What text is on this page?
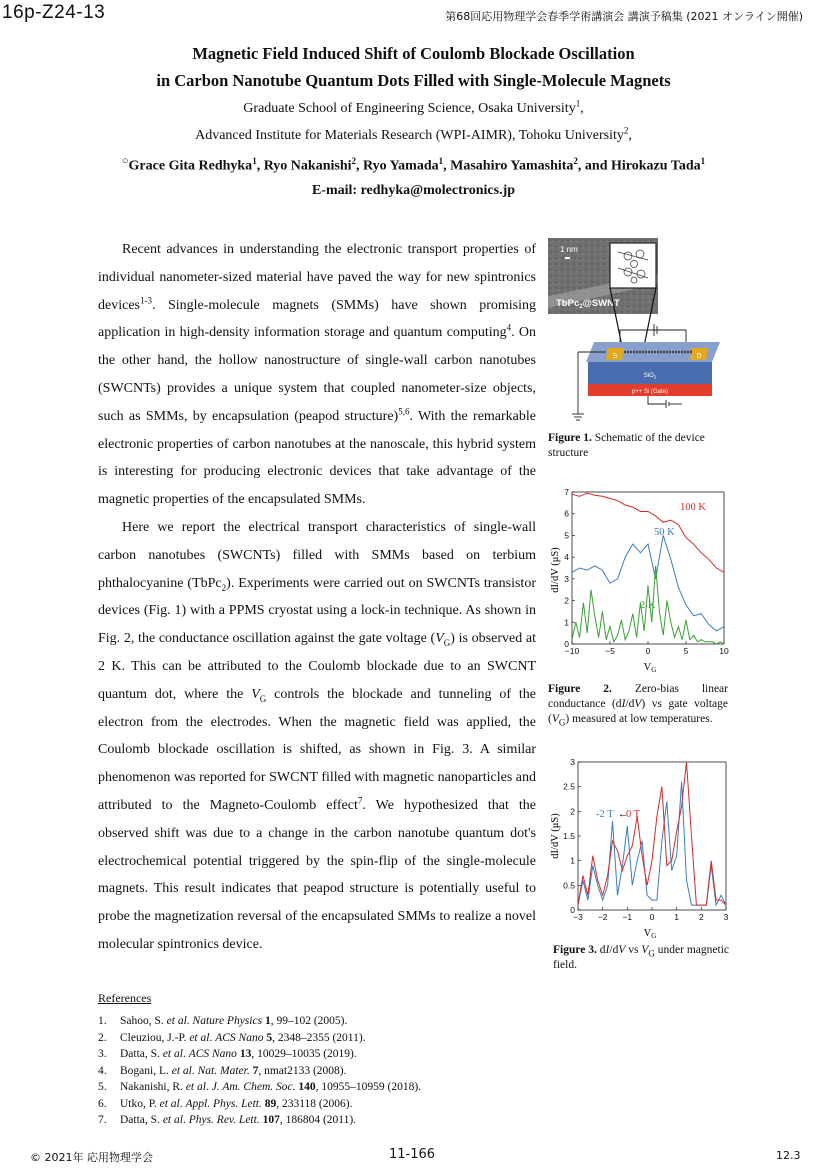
16p-Z24-13	第68回応用物理学会春季学術講演会 講演予稿集 (2021 オンライン開催)
Magnetic Field Induced Shift of Coulomb Blockade Oscillation
in Carbon Nanotube Quantum Dots Filled with Single-Molecule Magnets
Graduate School of Engineering Science, Osaka University$^1$,
Advanced Institute for Materials Research (WPI-AIMR), Tohoku University$^2$,
○Grace Gita Redhyka$^1$, Ryo Nakanishi$^2$, Ryo Yamada$^1$, Masahiro Yamashita$^2$, and Hirokazu Tada$^1$
E-mail: redhyka@molectronics.jp

Recent advances in understanding the electronic transport properties of individual nanometer-sized material have paved the way for new spintronics devices$^{1-3}$. Single-molecule magnets (SMMs) have shown promising application in high-density information storage and quantum computing$^4$. On the other hand, the hollow nanostructure of single-wall carbon nanotubes (SWCNTs) provides a unique system that coupled nanometer-size objects, such as SMMs, by encapsulation (peapod structure)$^{5,6}$. With the remarkable electronic properties of carbon nanotubes at the nanoscale, this hybrid system is interesting for producing electronic devices that take advantage of the magnetic properties of the encapsulated SMMs.

Here we report the electrical transport characteristics of single-wall carbon nanotubes (SWCNTs) filled with SMMs based on terbium phthalocyanine (TbPc$_2$). Experiments were carried out on SWCNTs transistor devices (Fig. 1) with a PPMS cryostat using a lock-in technique. As shown in Fig. 2, the conductance oscillation against the gate voltage $(V_G)$ is observed at 2 K. This can be attributed to the Coulomb blockade due to an SWCNT quantum dot, where the $V_G$ controls the blockade and tunneling of the electron from the electrodes. When the magnetic field was applied, the Coulomb blockade oscillation is shifted, as shown in Fig. 3. A similar phenomenon was reported for SWCNT filled with magnetic nanoparticles and attributed to the Magneto-Coulomb effect$^7$. We hypothesized that the observed shift was due to a change in the carbon nanotube quantum dot's electrochemical potential triggered by the spin-flip of the single-molecule magnets. This result indicates that peapod structure is potentially useful to probe the magnetization reversal of the encapsulated SMMs to realize a novel molecular spintronics device.

1 nm
TbPc$_2$@SWNT
SiO$_2$
p++ Si (Gate)
S	D
Figure 1. Schematic of the device structure
dI/dV (μS)
VG
−10	−5	0	5	10
0
1
2
3
4
5
6
7
100 K
50 K
2 K
Figure 2. Zero-bias linear conductance (dI/dV) vs gate voltage $(V_G)$ measured at low temperatures.
dI/dV (μS)
VG
−3 −2 −1 0 1 2 3
0
0.5
1
1.5
2
2.5
3
-2 T 0 T
←
Figure 3. dI/dV vs $V_G$ under magnetic field.
References
1. Sahoo, S. et al. Nature Physics 1, 99–102 (2005).
2. Cleuziou, J.-P. et al. ACS Nano 5, 2348–2355 (2011).
3. Datta, S. et al. ACS Nano 13, 10029–10035 (2019).
4. Bogani, L. et al. Nat. Mater. 7, nmat2133 (2008).
5. Nakanishi, R. et al. J. Am. Chem. Soc. 140, 10955–10959 (2018).
6. Utko, P. et al. Appl. Phys. Lett. 89, 233118 (2006).
7. Datta, S. et al. Phys. Rev. Lett. 107, 186804 (2011).
© 2021年 応用物理学会	11-166	12.3
